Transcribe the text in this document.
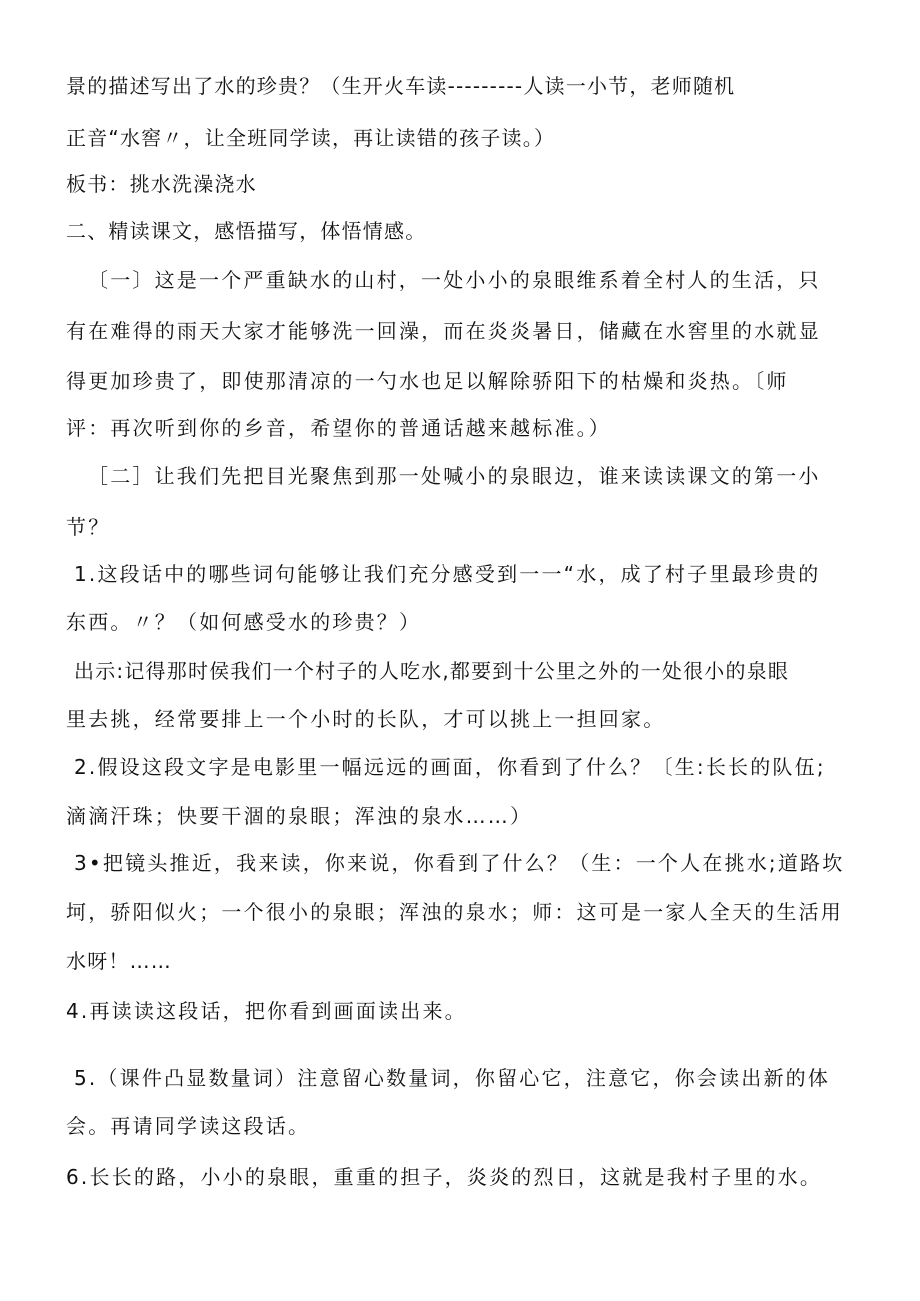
景的描述写出了水的珍贵？（生开火车读---------人读一小节，老师随机
正音“水窖〃，让全班同学读，再让读错的孩子读。）
板书：挑水洗澡浇水
二、精读课文，感悟描写，体悟情感。
〔一〕这是一个严重缺水的山村，一处小小的泉眼维系着全村人的生活，只
有在难得的雨天大家才能够洗一回澡，而在炎炎暑日，储藏在水窖里的水就显
得更加珍贵了，即使那清凉的一勺水也足以解除骄阳下的枯燥和炎热。〔师
评：再次听到你的乡音，希望你的普通话越来越标准。）
［二］让我们先把目光聚焦到那一处喊小的泉眼边，谁来读读课文的第一小
节？
1.这段话中的哪些词句能够让我们充分感受到一一“水，成了村子里最珍贵的
东西。〃？（如何感受水的珍贵？）
出示:记得那时侯我们一个村子的人吃水,都要到十公里之外的一处很小的泉眼
里去挑，经常要排上一个小时的长队，才可以挑上一担回家。
2.假设这段文字是电影里一幅远远的画面，你看到了什么？〔生:长长的队伍;
滴滴汗珠；快要干涸的泉眼；浑浊的泉水……）
3•把镜头推近，我来读，你来说，你看到了什么？（生：一个人在挑水;道路坎
坷，骄阳似火；一个很小的泉眼；浑浊的泉水；师：这可是一家人全天的生活用
水呀！……
4.再读读这段话，把你看到画面读出来。
5.（课件凸显数量词）注意留心数量词，你留心它，注意它，你会读出新的体
会。再请同学读这段话。
6.长长的路，小小的泉眼，重重的担子，炎炎的烈日，这就是我村子里的水。
